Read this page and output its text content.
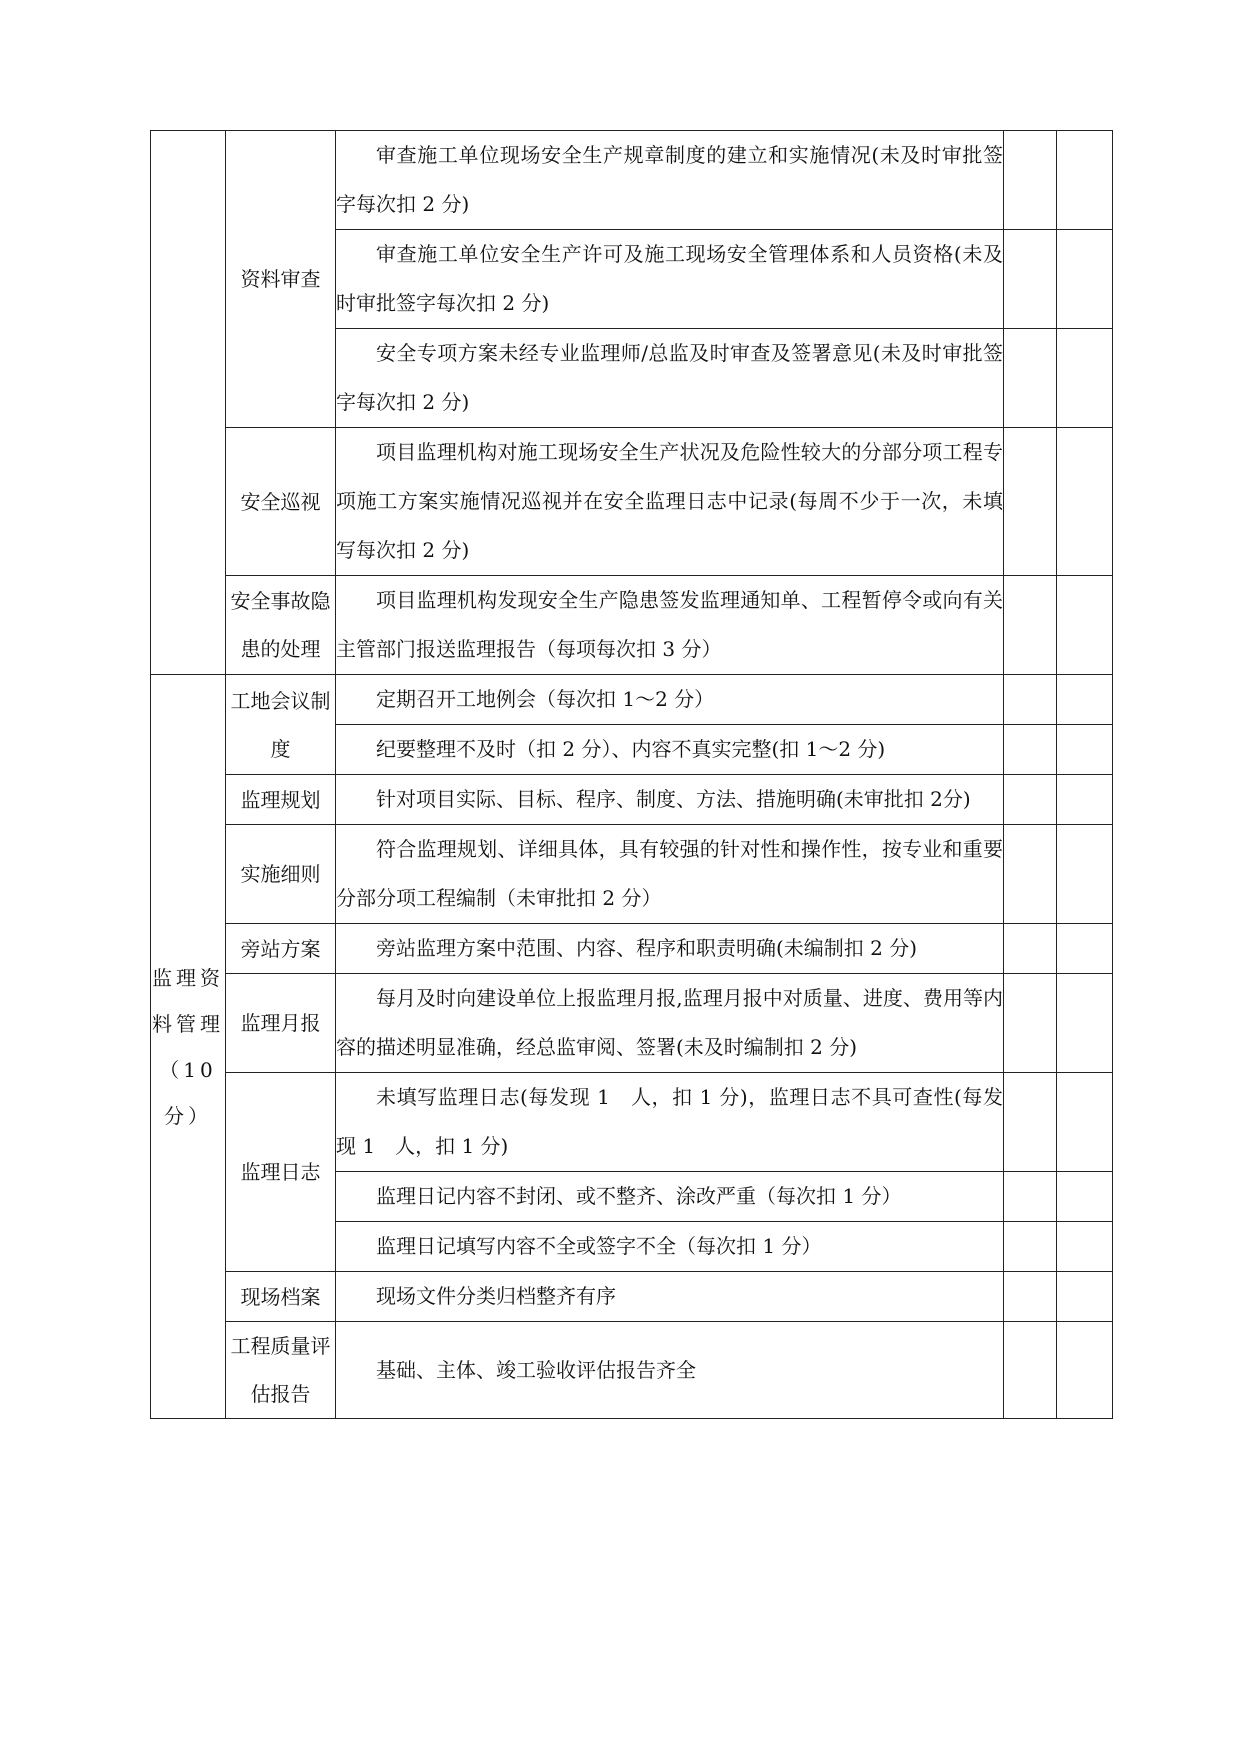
	资料审查	审查施工单位现场安全生产规章制度的建立和实施情况(未及时审批签字每次扣 2 分)		

		审查施工单位安全生产许可及施工现场安全管理体系和人员资格(未及时审批签字每次扣 2 分)		

		安全专项方案未经专业监理师/总监及时审查及签署意见(未及时审批签字每次扣 2 分)		

	安全巡视	项目监理机构对施工现场安全生产状况及危险性较大的分部分项工程专项施工方案实施情况巡视并在安全监理日志中记录(每周不少于一次，未填写每次扣 2 分)		

	安全事故隐患的处理	项目监理机构发现安全生产隐患签发监理通知单、工程暂停令或向有关主管部门报送监理报告（每项每次扣 3 分）		

监理资料管理（10分）	工地会议制度	定期召开工地例会（每次扣 1～2 分）		

		纪要整理不及时（扣 2 分）、内容不真实完整(扣 1～2 分)		

	监理规划	针对项目实际、目标、程序、制度、方法、措施明确(未审批扣 2分)		

	实施细则	符合监理规划、详细具体，具有较强的针对性和操作性，按专业和重要分部分项工程编制（未审批扣 2 分）		

	旁站方案	旁站监理方案中范围、内容、程序和职责明确(未编制扣 2 分)		

	监理月报	每月及时向建设单位上报监理月报,监理月报中对质量、进度、费用等内容的描述明显准确，经总监审阅、签署(未及时编制扣 2 分)		

	监理日志	未填写监理日志(每发现 1　人，扣 1 分)，监理日志不具可查性(每发现 1　人，扣 1 分)		

		监理日记内容不封闭、或不整齐、涂改严重（每次扣 1 分）		

		监理日记填写内容不全或签字不全（每次扣 1 分）		

	现场档案	现场文件分类归档整齐有序		

	工程质量评估报告	基础、主体、竣工验收评估报告齐全		
